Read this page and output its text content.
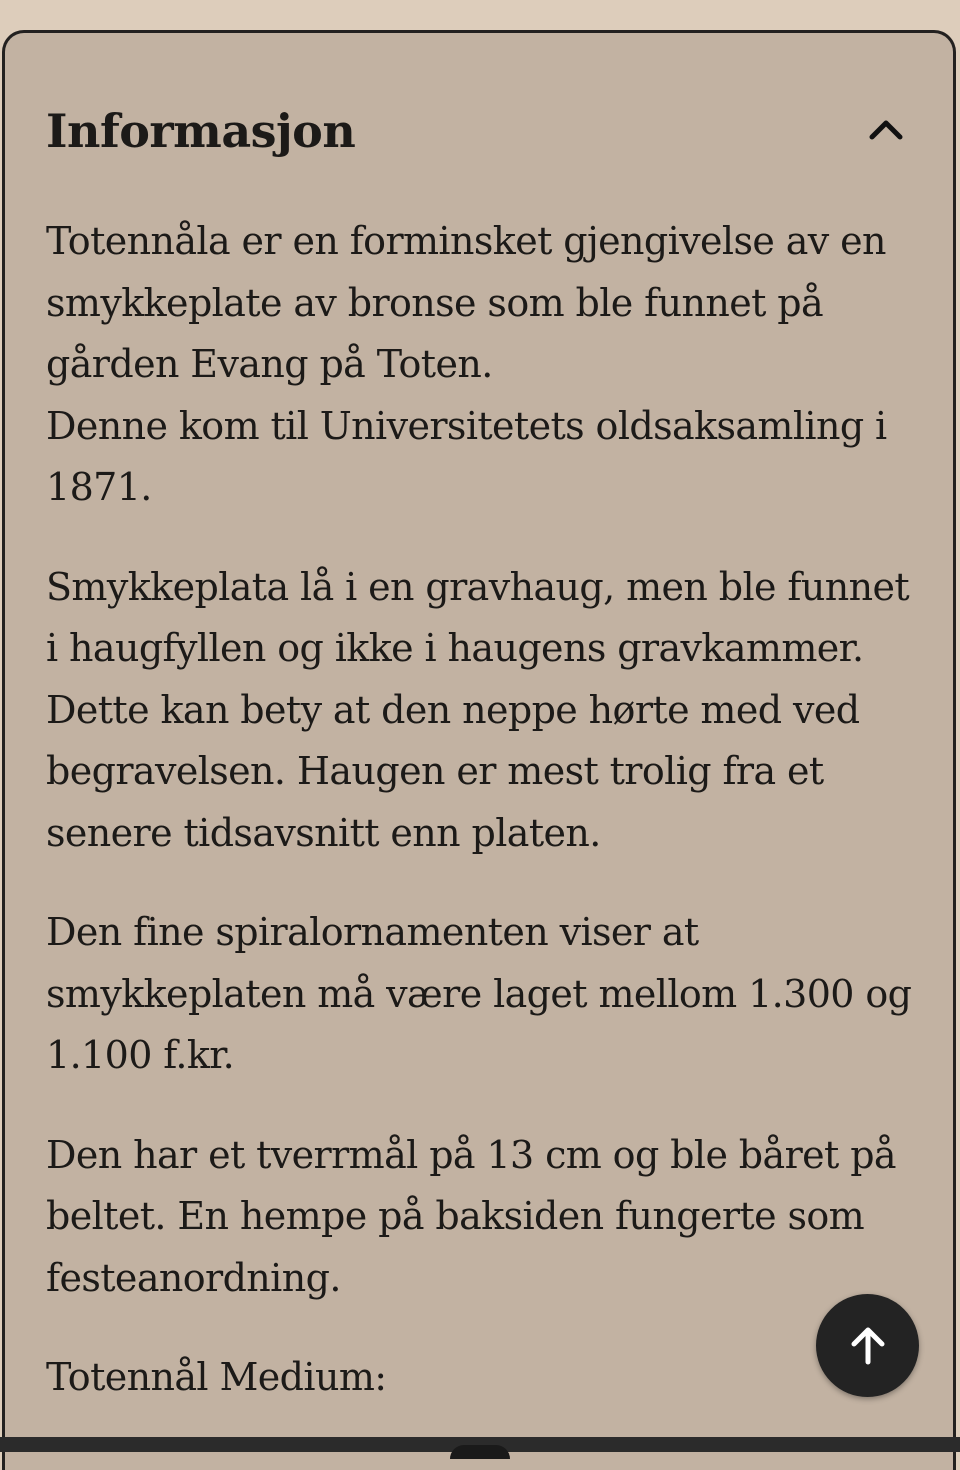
Informasjon

Totennåla er en forminsket gjengivelse av en
smykkeplate av bronse som ble funnet på
gården Evang på Toten.
Denne kom til Universitetets oldsaksamling i
1871.

Smykkeplata lå i en gravhaug, men ble funnet
i haugfyllen og ikke i haugens gravkammer.
Dette kan bety at den neppe hørte med ved
begravelsen. Haugen er mest trolig fra et
senere tidsavsnitt enn platen.

Den fine spiralornamenten viser at
smykkeplaten må være laget mellom 1.300 og
1.100 f.kr.

Den har et tverrmål på 13 cm og ble båret på
beltet. En hempe på baksiden fungerte som
festeanordning.

Totennål Medium:
